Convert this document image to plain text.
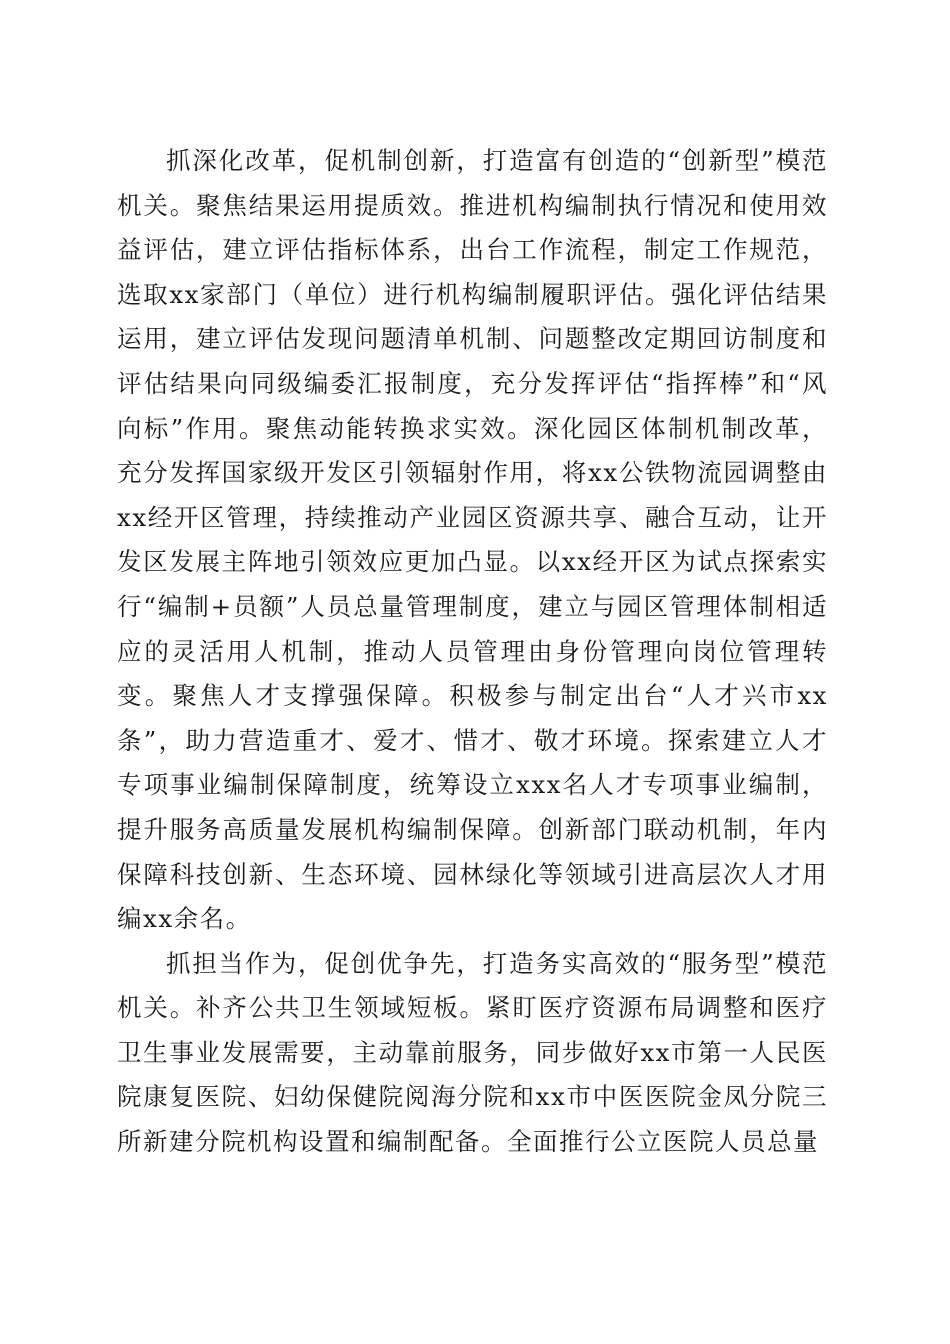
抓深化改革，促机制创新，打造富有创造的“创新型”模范机关。聚焦结果运用提质效。推进机构编制执行情况和使用效益评估，建立评估指标体系，出台工作流程，制定工作规范，选取xx家部门（单位）进行机构编制履职评估。强化评估结果运用，建立评估发现问题清单机制、问题整改定期回访制度和评估结果向同级编委汇报制度，充分发挥评估“指挥棒”和“风向标”作用。聚焦动能转换求实效。深化园区体制机制改革，充分发挥国家级开发区引领辐射作用，将xx公铁物流园调整由xx经开区管理，持续推动产业园区资源共享、融合互动，让开发区发展主阵地引领效应更加凸显。以xx经开区为试点探索实行“编制+员额”人员总量管理制度，建立与园区管理体制相适应的灵活用人机制，推动人员管理由身份管理向岗位管理转变。聚焦人才支撑强保障。积极参与制定出台“人才兴市xx条”，助力营造重才、爱才、惜才、敬才环境。探索建立人才专项事业编制保障制度，统筹设立xxx名人才专项事业编制，提升服务高质量发展机构编制保障。创新部门联动机制，年内保障科技创新、生态环境、园林绿化等领域引进高层次人才用编xx余名。

抓担当作为，促创优争先，打造务实高效的“服务型”模范机关。补齐公共卫生领域短板。紧盯医疗资源布局调整和医疗卫生事业发展需要，主动靠前服务，同步做好xx市第一人民医院康复医院、妇幼保健院阅海分院和xx市中医医院金凤分院三所新建分院机构设置和编制配备。全面推行公立医院人员总量
